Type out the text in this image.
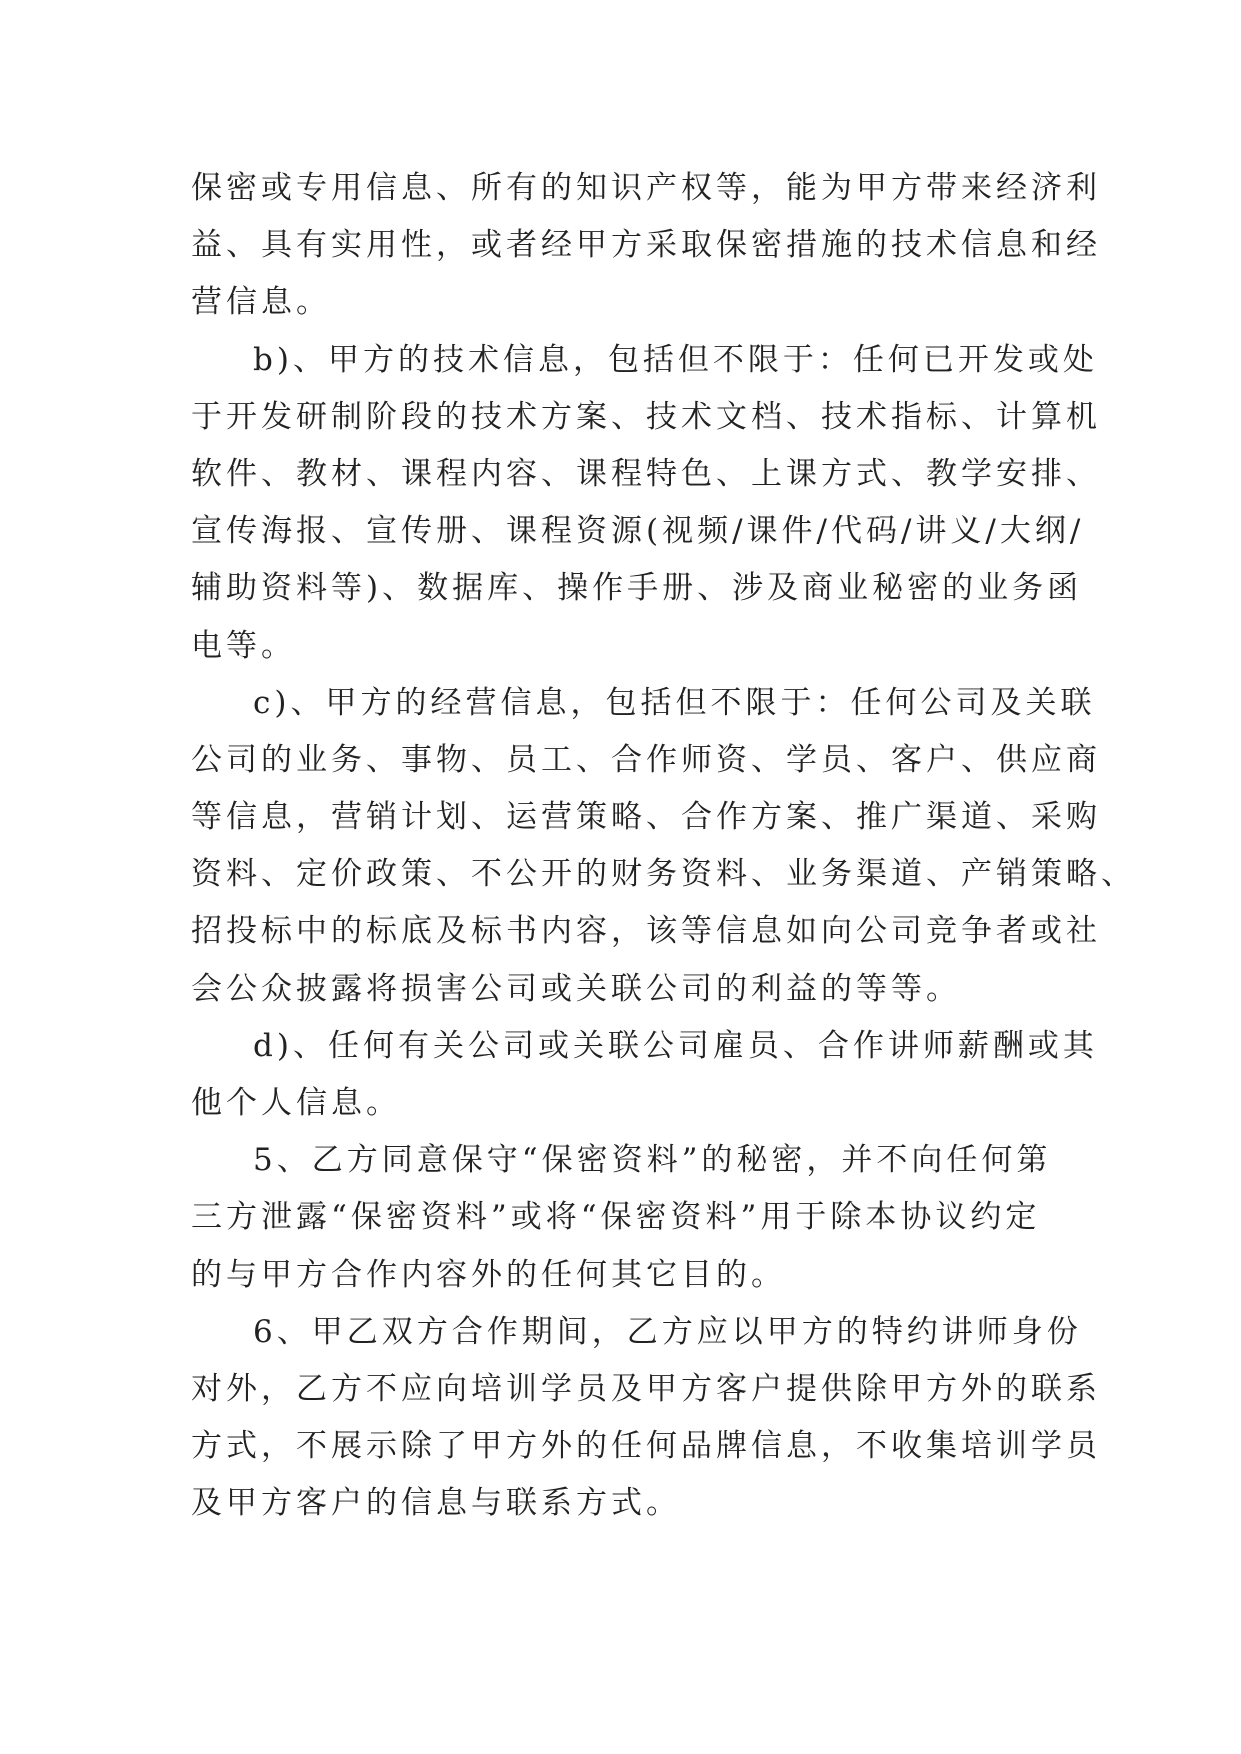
保密或专用信息、所有的知识产权等，能为甲方带来经济利
益、具有实用性，或者经甲方采取保密措施的技术信息和经
营信息。
b)、甲方的技术信息，包括但不限于：任何已开发或处
于开发研制阶段的技术方案、技术文档、技术指标、计算机
软件、教材、课程内容、课程特色、上课方式、教学安排、
宣传海报、宣传册、课程资源(视频/课件/代码/讲义/大纲/
辅助资料等)、数据库、操作手册、涉及商业秘密的业务函
电等。
c)、甲方的经营信息，包括但不限于：任何公司及关联
公司的业务、事物、员工、合作师资、学员、客户、供应商
等信息，营销计划、运营策略、合作方案、推广渠道、采购
资料、定价政策、不公开的财务资料、业务渠道、产销策略、
招投标中的标底及标书内容，该等信息如向公司竞争者或社
会公众披露将损害公司或关联公司的利益的等等。
d)、任何有关公司或关联公司雇员、合作讲师薪酬或其
他个人信息。
5、乙方同意保守“保密资料”的秘密，并不向任何第
三方泄露“保密资料”或将“保密资料”用于除本协议约定
的与甲方合作内容外的任何其它目的。
6、甲乙双方合作期间，乙方应以甲方的特约讲师身份
对外，乙方不应向培训学员及甲方客户提供除甲方外的联系
方式，不展示除了甲方外的任何品牌信息，不收集培训学员
及甲方客户的信息与联系方式。
